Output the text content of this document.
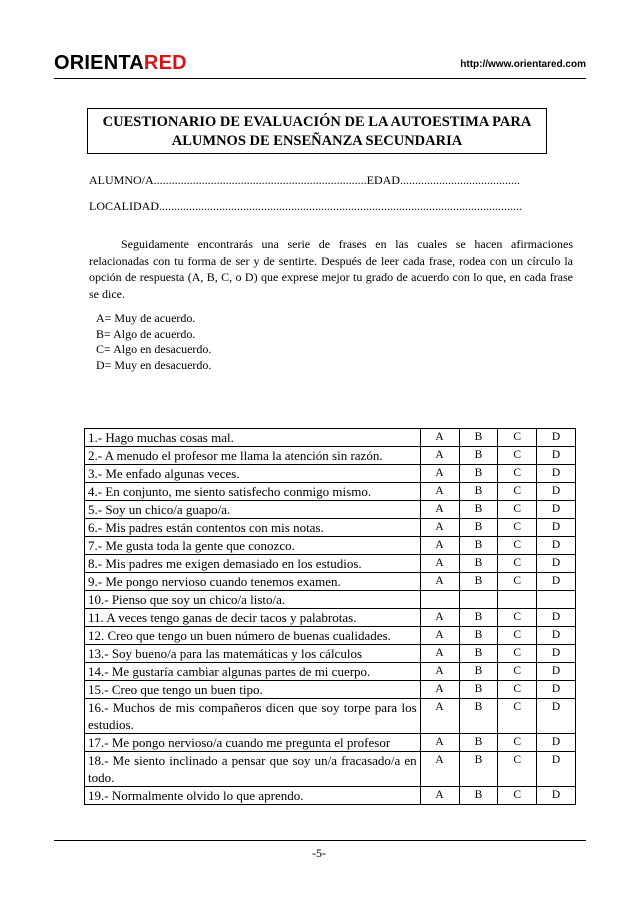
ORIENTARED	http://www.orientared.com
CUESTIONARIO DE EVALUACIÓN DE LA AUTOESTIMA PARA
ALUMNOS DE ENSEÑANZA SECUNDARIA
ALUMNO/A.......................................................................EDAD........................................
LOCALIDAD.........................................................................................................................

Seguidamente encontrarás una serie de frases en las cuales se hacen afirmaciones relacionadas con tu forma de ser y de sentirte. Después de leer cada frase, rodea con un círculo la opción de respuesta (A, B, C, o D) que exprese mejor tu grado de acuerdo con lo que, en cada frase se dice.

A= Muy de acuerdo.
B= Algo de acuerdo.
C= Algo en desacuerdo.
D= Muy en desacuerdo.
1.- Hago muchas cosas mal.	A	B	C	D
2.- A menudo el profesor me llama la atención sin razón.	A	B	C	D
3.- Me enfado algunas veces.	A	B	C	D
4.- En conjunto, me siento satisfecho conmigo mismo.	A	B	C	D
5.- Soy un chico/a guapo/a.	A	B	C	D
6.- Mis padres están contentos con mis notas.	A	B	C	D
7.- Me gusta toda la gente que conozco.	A	B	C	D
8.- Mis padres me exigen demasiado en los estudios.	A	B	C	D
9.- Me pongo nervioso cuando tenemos examen.	A	B	C	D
10.- Pienso que soy un chico/a listo/a.				
11. A veces tengo ganas de decir tacos y palabrotas.	A	B	C	D
12. Creo que tengo un buen número de buenas cualidades.	A	B	C	D
13.- Soy bueno/a para las matemáticas y los cálculos	A	B	C	D
14.- Me gustaría cambiar algunas partes de mi cuerpo.	A	B	C	D
15.- Creo que tengo un buen tipo.	A	B	C	D
16.- Muchos de mis compañeros dicen que soy torpe para los estudios.	A	B	C	D
17.- Me pongo nervioso/a cuando me pregunta el profesor	A	B	C	D
18.- Me siento inclinado a pensar que soy un/a fracasado/a en todo.	A	B	C	D
19.- Normalmente olvido lo que aprendo.	A	B	C	D
-5-
